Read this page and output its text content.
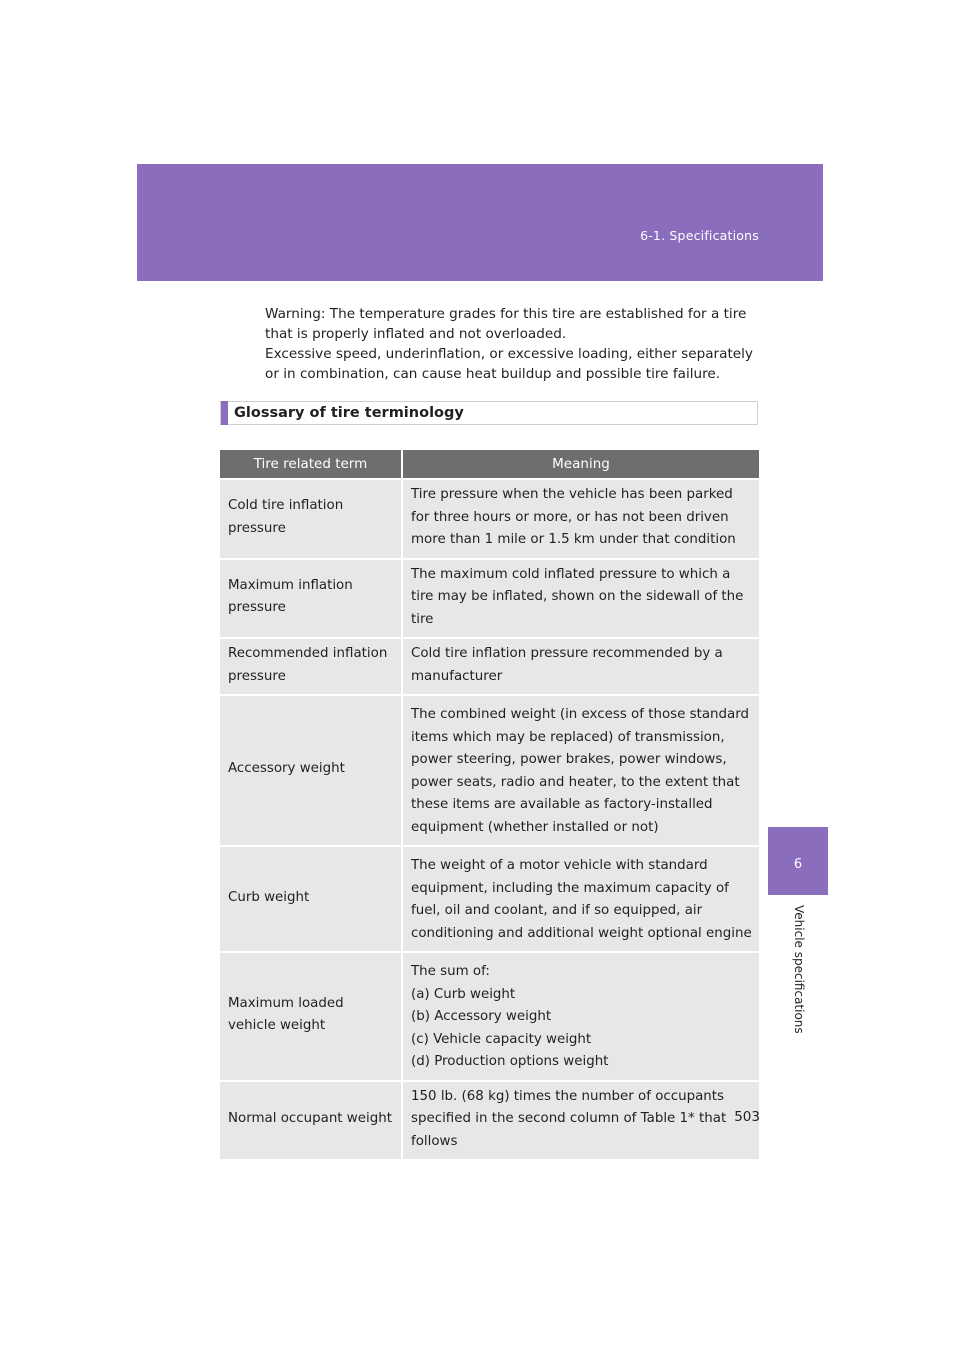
6-1. Specifications
6
Vehicle specifications

Warning: The temperature grades for this tire are established for a tire that is properly inflated and not overloaded.

Excessive speed, underinflation, or excessive loading, either separately or in combination, can cause heat buildup and possible tire failure.

Glossary of tire terminology
Tire related term	Meaning
Cold tire inflation pressure	Tire pressure when the vehicle has been parked for three hours or more, or has not been driven more than 1 mile or 1.5 km under that condition
Maximum inflation pressure	The maximum cold inflated pressure to which a tire may be inflated, shown on the sidewall of the tire
Recommended inflation pressure	Cold tire inflation pressure recommended by a manufacturer
Accessory weight	The combined weight (in excess of those standard items which may be replaced) of transmission, power steering, power brakes, power windows, power seats, radio and heater, to the extent that these items are available as factory-installed equipment (whether installed or not)
Curb weight	The weight of a motor vehicle with standard equipment, including the maximum capacity of fuel, oil and coolant, and if so equipped, air conditioning and additional weight optional engine
Maximum loaded vehicle weight	The sum of:
(a) Curb weight
(b) Accessory weight
(c) Vehicle capacity weight
(d) Production options weight
Normal occupant weight	150 lb. (68 kg) times the number of occupants specified in the second column of Table 1* that follows
503
